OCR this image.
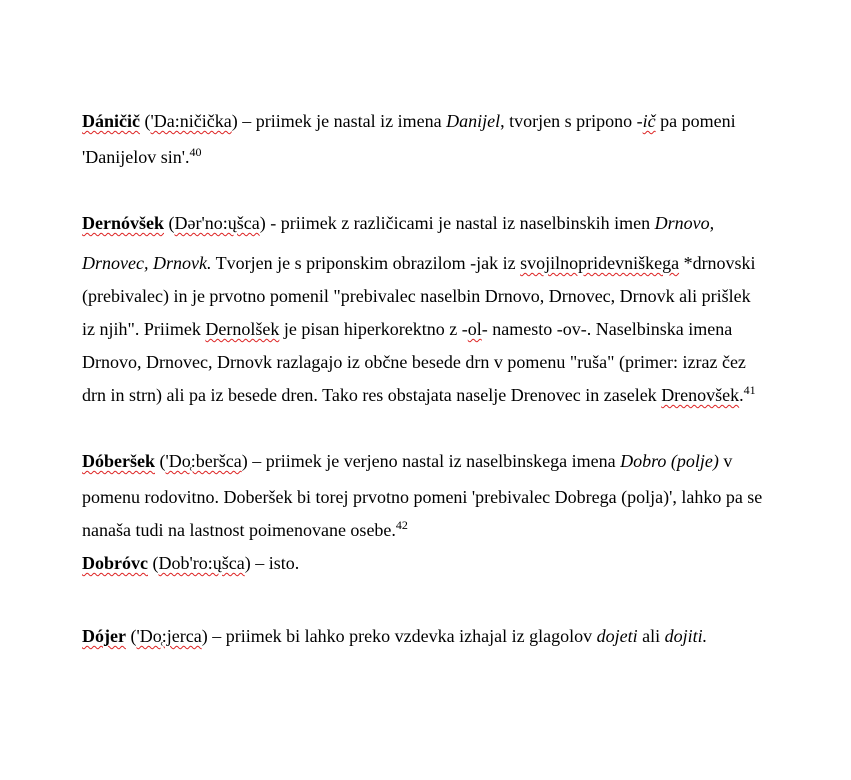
Dáničič ('Da:ničička) – priimek je nastal iz imena Danijel, tvorjen s pripono -ič pa pomeni
'Danijelov sin'.$^{40}$
Dernóvšek (Dər'no:ųšca) - priimek z različicami je nastal iz naselbinskih imen Drnovo,
Drnovec, Drnovk. Tvorjen je s priponskim obrazilom -jak iz svojilnopridevniškega *drnovski
(prebivalec) in je prvotno pomenil "prebivalec naselbin Drnovo, Drnovec, Drnovk ali prišlek
iz njih". Priimek Dernolšek je pisan hiperkorektno z -ol- namesto -ov-. Naselbinska imena
Drnovo, Drnovec, Drnovk razlagajo iz občne besede drn v pomenu "ruša" (primer: izraz čez
drn in strn) ali pa iz besede dren. Tako res obstajata naselje Drenovec in zaselek Drenovšek.$^{41}$
Dóberšek ('Do̜:beršca) – priimek je verjeno nastal iz naselbinskega imena Dobro (polje) v
pomenu rodovitno. Doberšek bi torej prvotno pomeni 'prebivalec Dobrega (polja)', lahko pa se
nanaša tudi na lastnost poimenovane osebe.$^{42}$
Dobróvc (Dob'ro:ųšca) – isto.
Dójer ('Do̜:jerca) – priimek bi lahko preko vzdevka izhajal iz glagolov dojeti ali dojiti.
